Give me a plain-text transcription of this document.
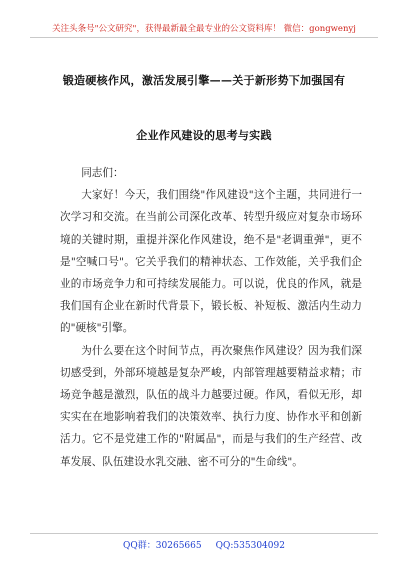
关注头条号"公文研究"，获得最新最全最专业的公文资料库！ 微信：gongwenyj
锻造硬核作风，激活发展引擎——关于新形势下加强国有
企业作风建设的思考与实践

同志们：

大家好！今天，我们围绕"作风建设"这个主题，共同进行一次学习和交流。在当前公司深化改革、转型升级应对复杂市场环境的关键时期，重提并深化作风建设，绝不是"老调重弹"，更不是"空喊口号"。它关乎我们的精神状态、工作效能，关乎我们企业的市场竞争力和可持续发展能力。可以说，优良的作风，就是我们国有企业在新时代背景下，锻长板、补短板、激活内生动力的"硬核"引擎。

为什么要在这个时间节点，再次聚焦作风建设？因为我们深切感受到，外部环境越是复杂严峻，内部管理越要精益求精；市场竞争越是激烈，队伍的战斗力越要过硬。作风，看似无形，却实实在在地影响着我们的决策效率、执行力度、协作水平和创新活力。它不是党建工作的"附属品"，而是与我们的生产经营、改革发展、队伍建设水乳交融、密不可分的"生命线"。

QQ群：30265665 QQ:535304092
